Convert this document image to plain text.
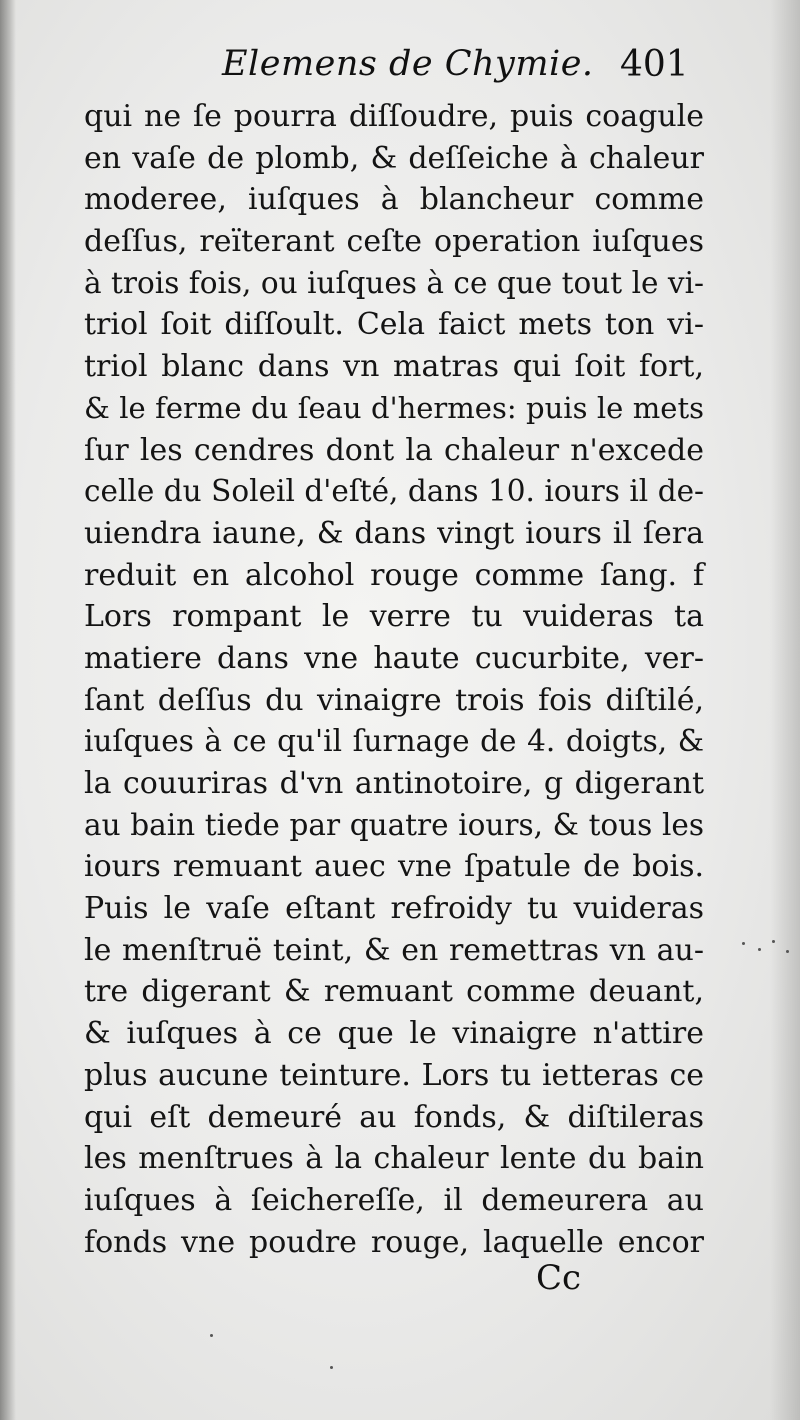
Elemens de Chymie. 401
qui ne ſe pourra diſſoudre, puis coagule
en vaſe de plomb, & deſſeiche à chaleur
moderee, iuſques à blancheur comme
deſſus, reïterant ceſte operation iuſques
à trois fois, ou iuſques à ce que tout le vi-
triol ſoit diſſoult. Cela faict mets ton vi-
triol blanc dans vn matras qui ſoit fort,
& le ferme du ſeau d'hermes: puis le mets
ſur les cendres dont la chaleur n'excede
celle du Soleil d'eſté, dans 10. iours il de-
uiendra iaune, & dans vingt iours il ſera
reduit en alcohol rouge comme ſang. f
Lors rompant le verre tu vuideras ta
matiere dans vne haute cucurbite, ver-
ſant deſſus du vinaigre trois fois diſtilé,
iuſques à ce qu'il ſurnage de 4. doigts, &
la couuriras d'vn antinotoire, g digerant
au bain tiede par quatre iours, & tous les
iours remuant auec vne ſpatule de bois.
Puis le vaſe eſtant refroidy tu vuideras
le menſtruë teint, & en remettras vn au-
tre digerant & remuant comme deuant,
& iuſques à ce que le vinaigre n'attire
plus aucune teinture. Lors tu ietteras ce
qui eſt demeuré au fonds, & diſtileras
les menſtrues à la chaleur lente du bain
iuſques à ſeichereſſe, il demeurera au
fonds vne poudre rouge, laquelle encor
Cc
